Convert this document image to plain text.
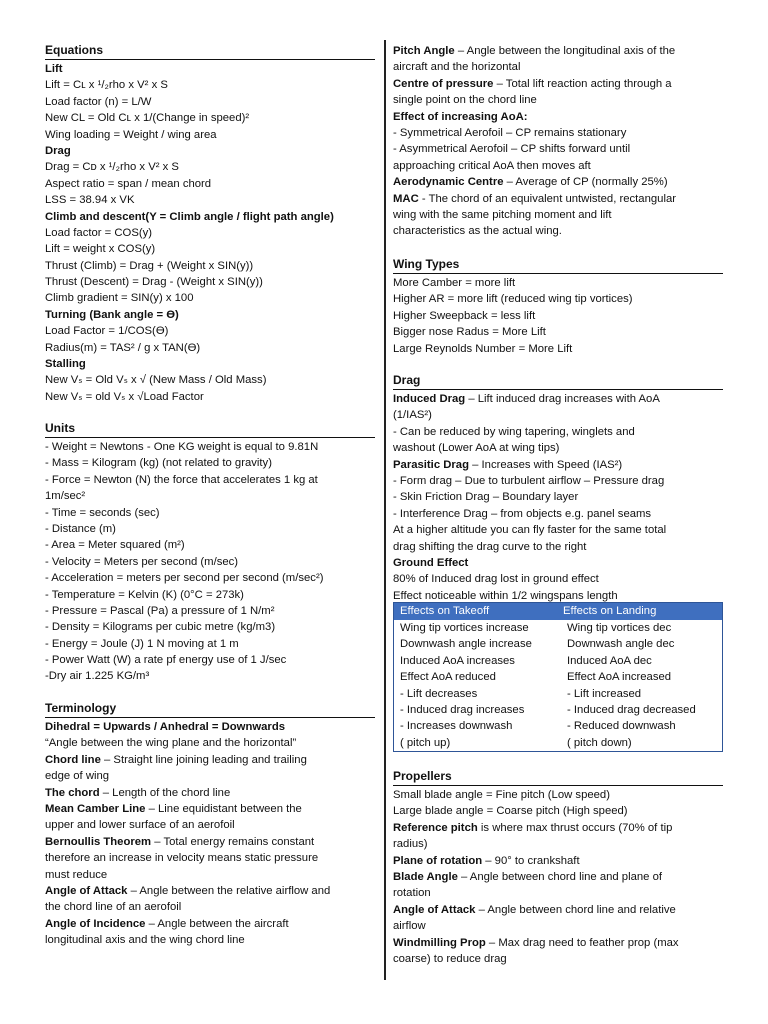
Equations
Lift
Lift = Cʟ x ¹/₂rho x V² x S
Load factor (n) = L/W
New CL = Old Cʟ x 1/(Change in speed)²
Wing loading = Weight / wing area
Drag
Drag = Cᴅ x ¹/₂rho x V² x S
Aspect ratio = span / mean chord
LSS = 38.94 x VK
Climb and descent(Y = Climb angle / flight path angle)
Load factor = COS(y)
Lift = weight x COS(y)
Thrust (Climb) = Drag + (Weight x SIN(y))
Thrust (Descent) = Drag - (Weight x SIN(y))
Climb gradient = SIN(y) x 100
Turning (Bank angle = ϴ)
Load Factor = 1/COS(ϴ)
Radius(m) = TAS² / g x TAN(ϴ)
Stalling
New Vₛ = Old Vₛ x √ (New Mass / Old Mass)
New Vₛ = old Vₛ x √Load Factor
Units
- Weight = Newtons - One KG weight is equal to 9.81N
- Mass = Kilogram (kg) (not related to gravity)
- Force = Newton (N) the force that accelerates 1 kg at
1m/sec²
- Time = seconds (sec)
- Distance (m)
- Area = Meter squared (m²)
- Velocity = Meters per second (m/sec)
- Acceleration = meters per second per second (m/sec²)
- Temperature = Kelvin (K) (0°C = 273k)
- Pressure = Pascal (Pa) a pressure of 1 N/m²
- Density = Kilograms per cubic metre (kg/m3)
- Energy = Joule (J) 1 N moving at 1 m
- Power Watt (W) a rate pf energy use of 1 J/sec
-Dry air 1.225 KG/m³
Terminology
Dihedral = Upwards / Anhedral = Downwards
“Angle between the wing plane and the horizontal”
Chord line – Straight line joining leading and trailing
edge of wing
The chord – Length of the chord line
Mean Camber Line – Line equidistant between the
upper and lower surface of an aerofoil
Bernoullis Theorem – Total energy remains constant
therefore an increase in velocity means static pressure
must reduce
Angle of Attack – Angle between the relative airflow and
the chord line of an aerofoil
Angle of Incidence – Angle between the aircraft
longitudinal axis and the wing chord line
Pitch Angle – Angle between the longitudinal axis of the
aircraft and the horizontal
Centre of pressure – Total lift reaction acting through a
single point on the chord line
Effect of increasing AoA:
- Symmetrical Aerofoil – CP remains stationary
- Asymmetrical Aerofoil – CP shifts forward until
approaching critical AoA then moves aft
Aerodynamic Centre – Average of CP (normally 25%)
MAC - The chord of an equivalent untwisted, rectangular
wing with the same pitching moment and lift
characteristics as the actual wing.
Wing Types
More Camber = more lift
Higher AR = more lift (reduced wing tip vortices)
Higher Sweepback = less lift
Bigger nose Radus = More Lift
Large Reynolds Number = More Lift
Drag
Induced Drag – Lift induced drag increases with AoA
(1/IAS²)
- Can be reduced by wing tapering, winglets and
washout (Lower AoA at wing tips)
Parasitic Drag – Increases with Speed (IAS²)
- Form drag – Due to turbulent airflow – Pressure drag
- Skin Friction Drag – Boundary layer
- Interference Drag – from objects e.g. panel seams
At a higher altitude you can fly faster for the same total
drag shifting the drag curve to the right
Ground Effect
80% of Induced drag lost in ground effect
Effect noticeable within 1/2 wingspans length
Effects on Takeoff	Effects on Landing
Wing tip vortices increase	Wing tip vortices dec
Downwash angle increase	Downwash angle dec
Induced AoA increases	Induced AoA dec
Effect AoA reduced	Effect AoA increased
- Lift decreases	- Lift increased
- Induced drag increases	- Induced drag decreased
- Increases downwash	- Reduced downwash
( pitch up)	( pitch down)
Propellers
Small blade angle = Fine pitch (Low speed)
Large blade angle = Coarse pitch (High speed)
Reference pitch is where max thrust occurs (70% of tip
radius)
Plane of rotation – 90° to crankshaft
Blade Angle – Angle between chord line and plane of
rotation
Angle of Attack – Angle between chord line and relative
airflow
Windmilling Prop – Max drag need to feather prop (max
coarse) to reduce drag
